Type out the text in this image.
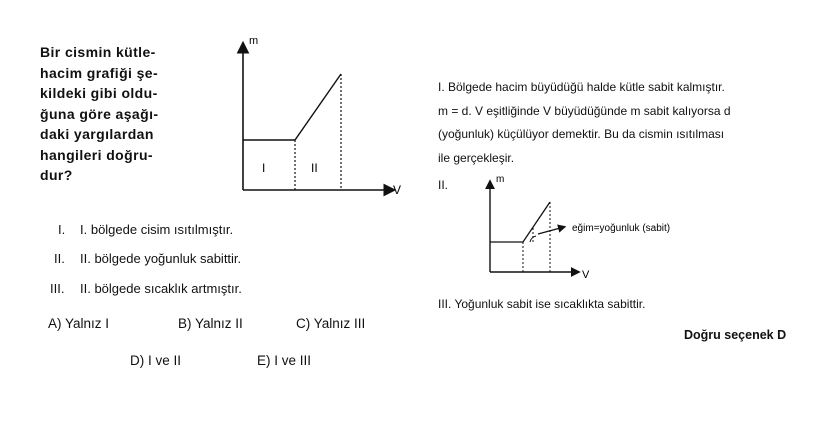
Bir cismin kütle-
hacim grafiği şe-
kildeki gibi oldu-
ğuna göre aşağı-
daki yargılardan
hangileri doğru-
dur?
m
V
I	II
I. I. bölgede cisim ısıtılmıştır.
II. II. bölgede yoğunluk sabittir.
III. II. bölgede sıcaklık artmıştır.
A) Yalnız I	B) Yalnız II	C) Yalnız III
D) I ve II	E) I ve III
I. Bölgede hacim büyüdüğü halde kütle sabit kalmıştır.
m = d. V eşitliğinde V büyüdüğünde m sabit kalıyorsa d
(yoğunluk) küçülüyor demektir. Bu da cismin ısıtılması
ile gerçekleşir.
II.	m
V
eğim=yoğunluk (sabit)
III. Yoğunluk sabit ise sıcaklıkta sabittir.
Doğru seçenek D
